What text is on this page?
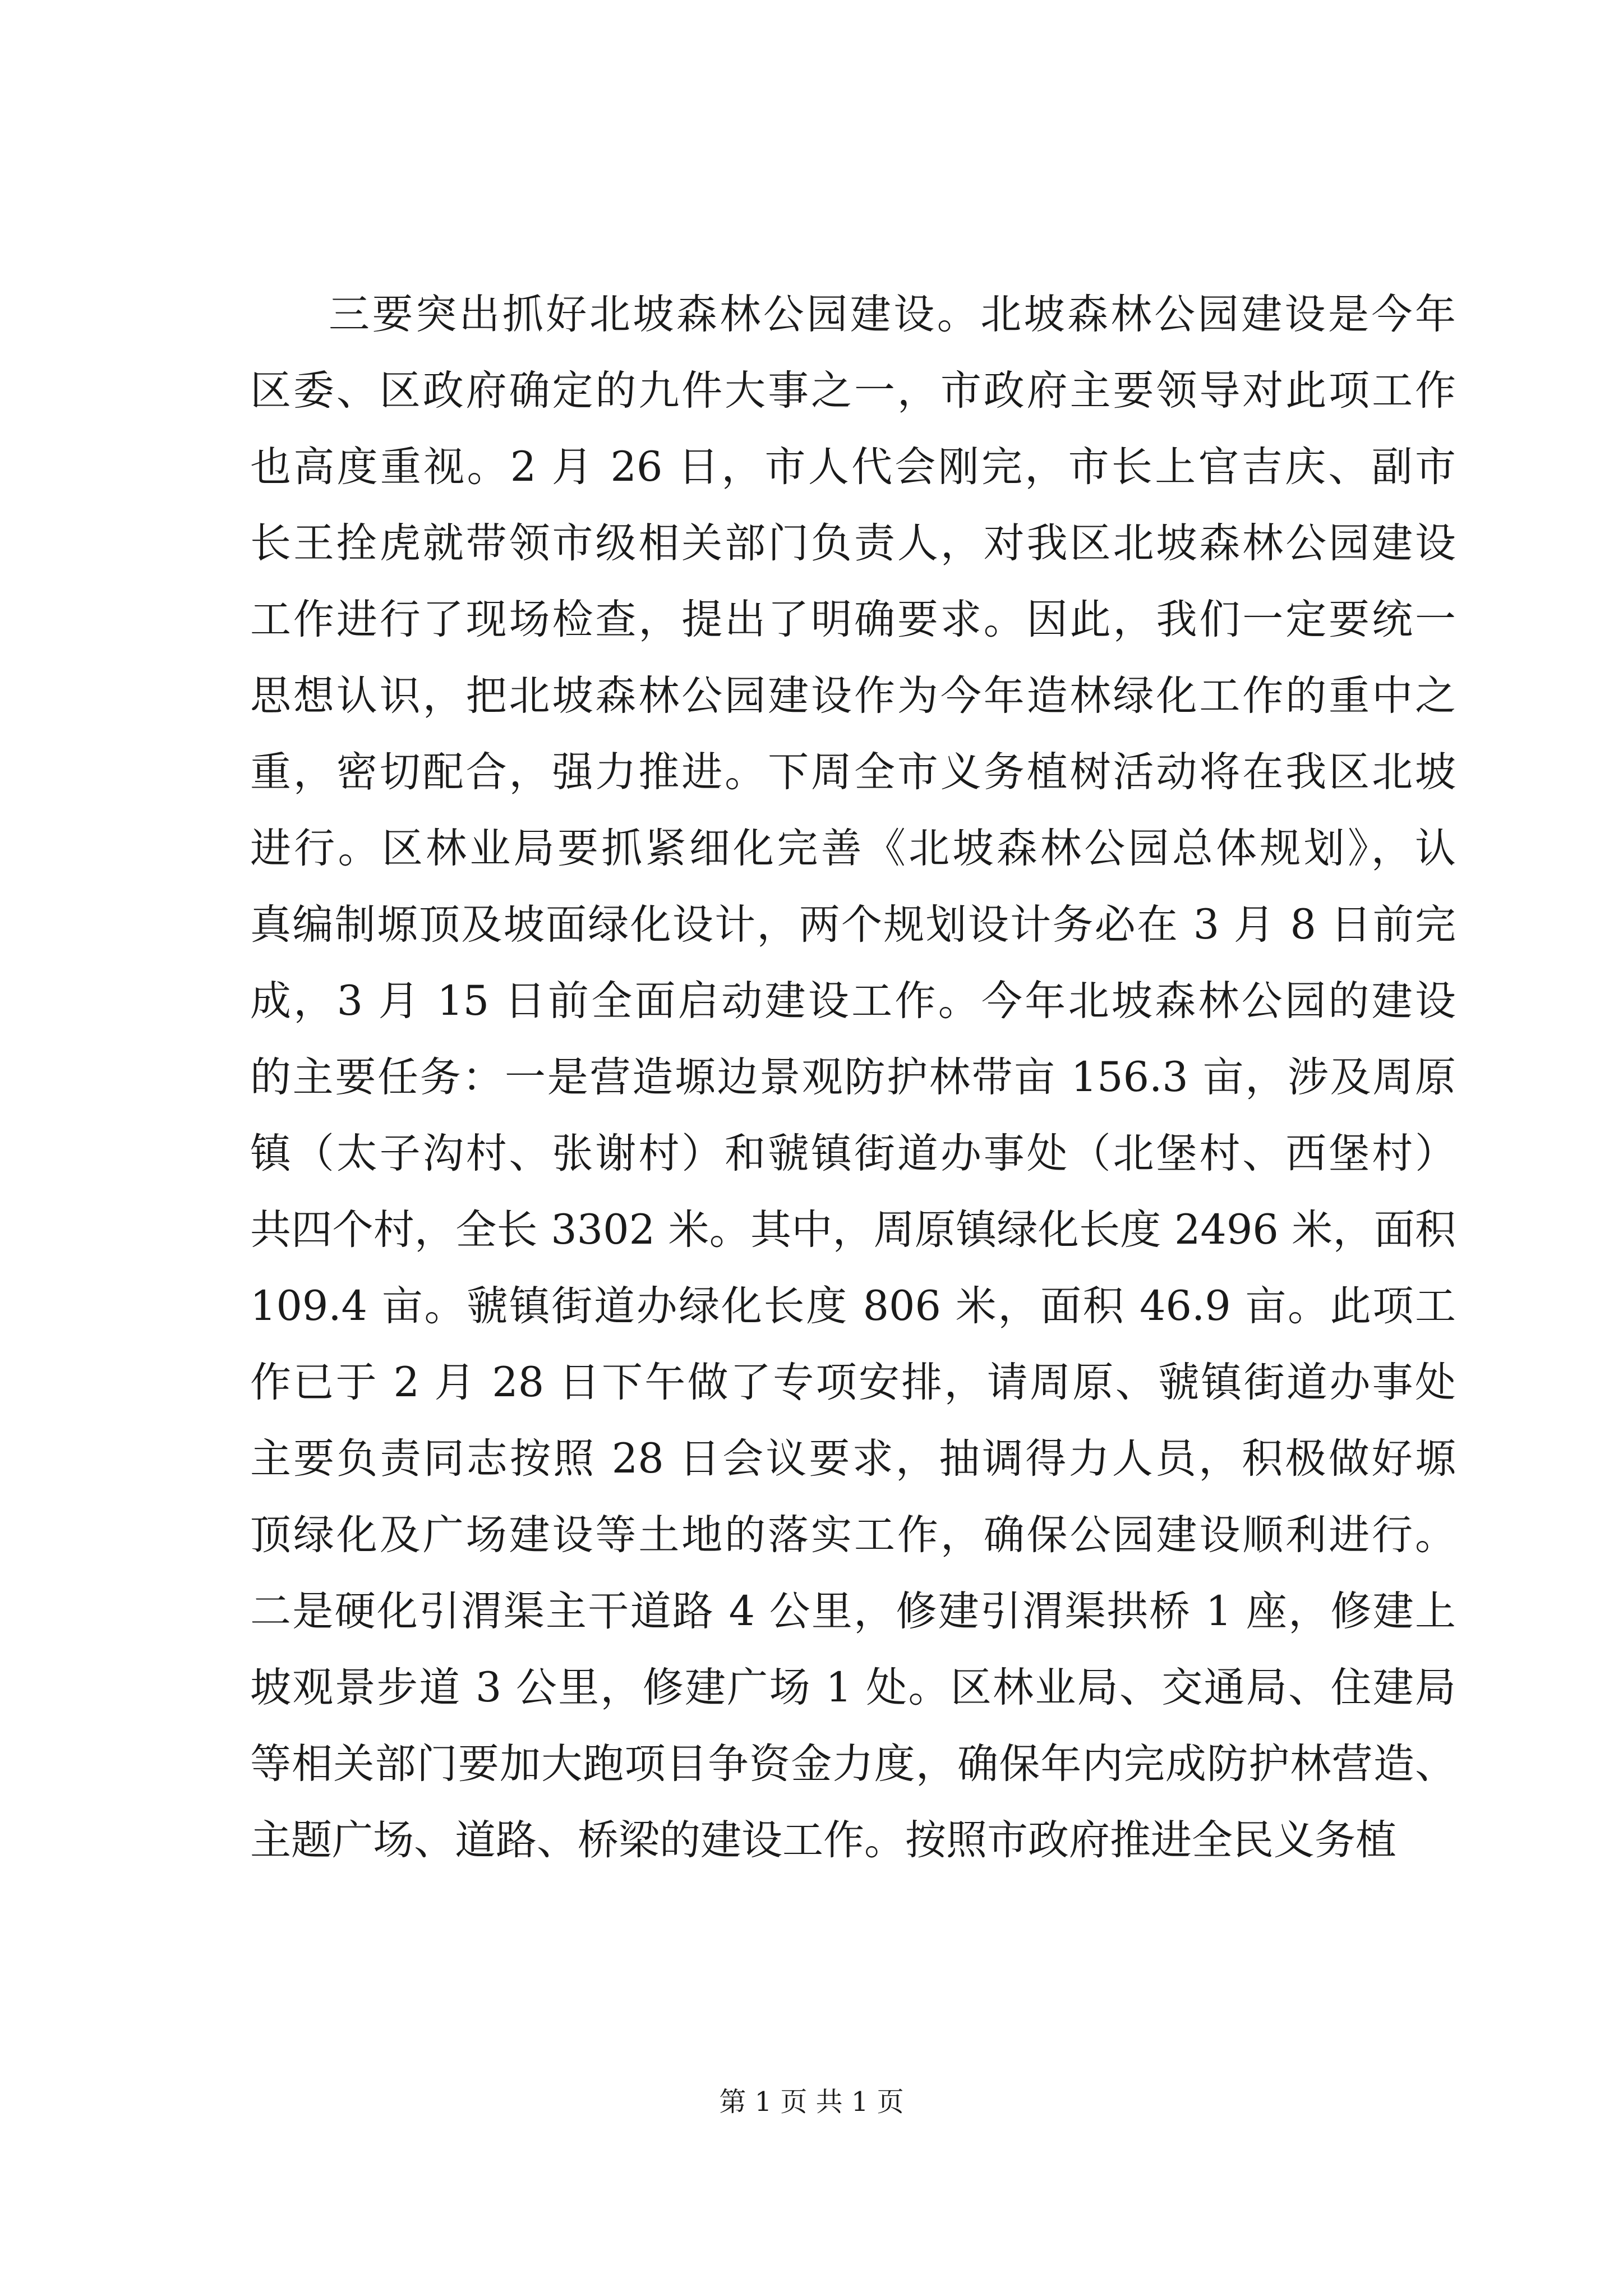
三要突出抓好北坡森林公园建设。北坡森林公园建设是今年
区委、区政府确定的九件大事之一，市政府主要领导对此项工作
也高度重视。2 月 26 日，市人代会刚完，市长上官吉庆、副市
长王拴虎就带领市级相关部门负责人，对我区北坡森林公园建设
工作进行了现场检查，提出了明确要求。因此，我们一定要统一
思想认识，把北坡森林公园建设作为今年造林绿化工作的重中之
重，密切配合，强力推进。下周全市义务植树活动将在我区北坡
进行。区林业局要抓紧细化完善《北坡森林公园总体规划》，认
真编制塬顶及坡面绿化设计，两个规划设计务必在 3 月 8 日前完
成，3 月 15 日前全面启动建设工作。今年北坡森林公园的建设
的主要任务：一是营造塬边景观防护林带亩 156.3 亩，涉及周原
镇（太子沟村、张谢村）和虢镇街道办事处（北堡村、西堡村）
共四个村，全长 3302 米。其中，周原镇绿化长度 2496 米，面积
109.4 亩。虢镇街道办绿化长度 806 米，面积 46.9 亩。此项工
作已于 2 月 28 日下午做了专项安排，请周原、虢镇街道办事处
主要负责同志按照 28 日会议要求，抽调得力人员，积极做好塬
顶绿化及广场建设等土地的落实工作，确保公园建设顺利进行。
二是硬化引渭渠主干道路 4 公里，修建引渭渠拱桥 1 座，修建上
坡观景步道 3 公里，修建广场 1 处。区林业局、交通局、住建局
等相关部门要加大跑项目争资金力度，确保年内完成防护林营造、
主题广场、道路、桥梁的建设工作。按照市政府推进全民义务植
第 1 页 共 1 页
